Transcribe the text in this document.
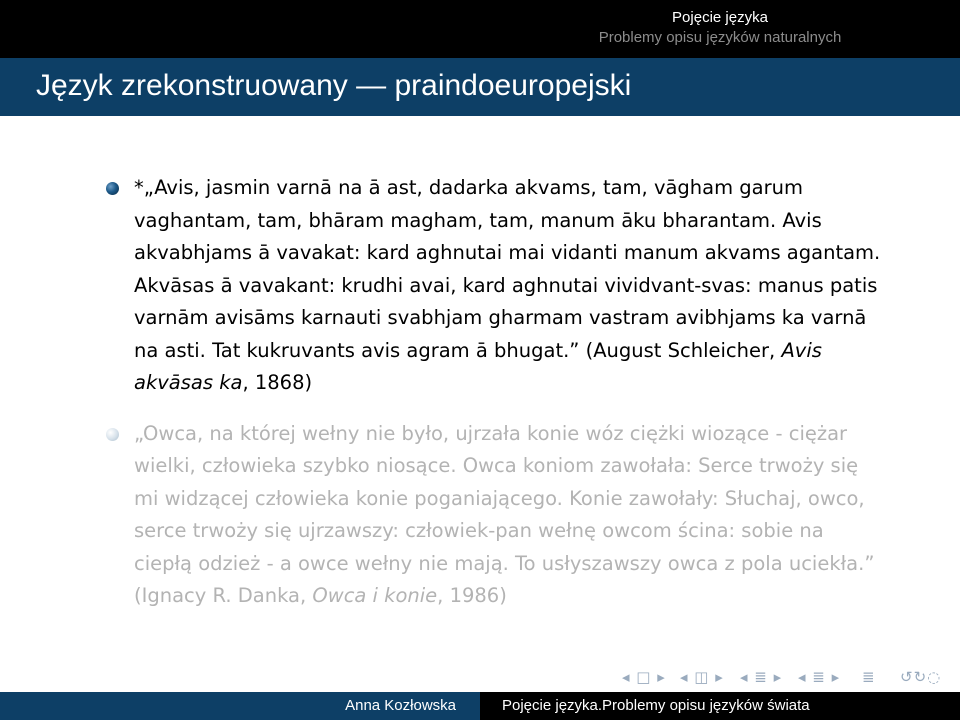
Pojęcie języka
Problemy opisu języków naturalnych
Język zrekonstruowany — praindoeuropejski
*„Avis, jasmin varnā na ā ast, dadarka akvams, tam, vāgham garum vaghantam, tam, bhāram magham, tam, manum āku bharantam. Avis akvabhjams ā vavakat: kard aghnutai mai vidanti manum akvams agantam. Akvāsas ā vavakant: krudhi avai, kard aghnutai vividvant-svas: manus patis varnām avisāms karnauti svabhjam gharmam vastram avibhjams ka varnā na asti. Tat kukruvants avis agram ā bhugat.” (August Schleicher, Avis akvāsas ka, 1868)
„Owca, na której wełny nie było, ujrzała konie wóz ciężki wiozące - ciężar wielki, człowieka szybko niosące. Owca koniom zawołała: Serce trwoży się mi widzącej człowieka konie poganiającego. Konie zawołały: Słuchaj, owco, serce trwoży się ujrzawszy: człowiek-pan wełnę owcom ścina: sobie na ciepłą odzież - a owce wełny nie mają. To usłyszawszy owca z pola uciekła.” (Ignacy R. Danka, Owca i konie, 1986)
◂ □ ▸ ◂ ◫ ▸ ◂ ≣ ▸ ◂ ≣ ▸ ≣ ↺↻◌
Anna Kozłowska	Pojęcie języka.Problemy opisu języków świata
